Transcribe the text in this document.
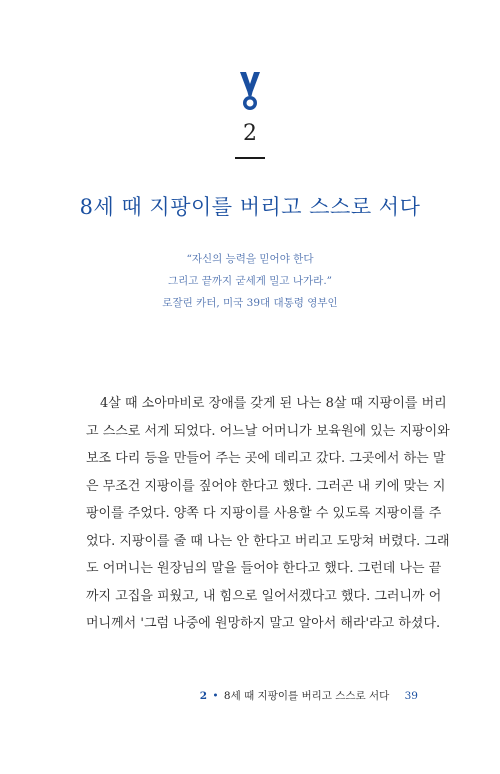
2
8세 때 지팡이를 버리고 스스로 서다
“자신의 능력을 믿어야 한다
그리고 끝까지 굳세게 밀고 나가라.”
로잘린 카터, 미국 39대 대통령 영부인
4살 때 소아마비로 장애를 갖게 된 나는 8살 때 지팡이를 버리
고 스스로 서게 되었다. 어느날 어머니가 보육원에 있는 지팡이와
보조 다리 등을 만들어 주는 곳에 데리고 갔다. 그곳에서 하는 말
은 무조건 지팡이를 짚어야 한다고 했다. 그러곤 내 키에 맞는 지
팡이를 주었다. 양쪽 다 지팡이를 사용할 수 있도록 지팡이를 주
었다. 지팡이를 줄 때 나는 안 한다고 버리고 도망쳐 버렸다. 그래
도 어머니는 원장님의 말을 들어야 한다고 했다. 그런데 나는 끝
까지 고집을 피웠고, 내 힘으로 일어서겠다고 했다. 그러니까 어
머니께서 '그럼 나중에 원망하지 말고 알아서 해라'라고 하셨다.
2 • 8세 때 지팡이를 버리고 스스로 서다 39
